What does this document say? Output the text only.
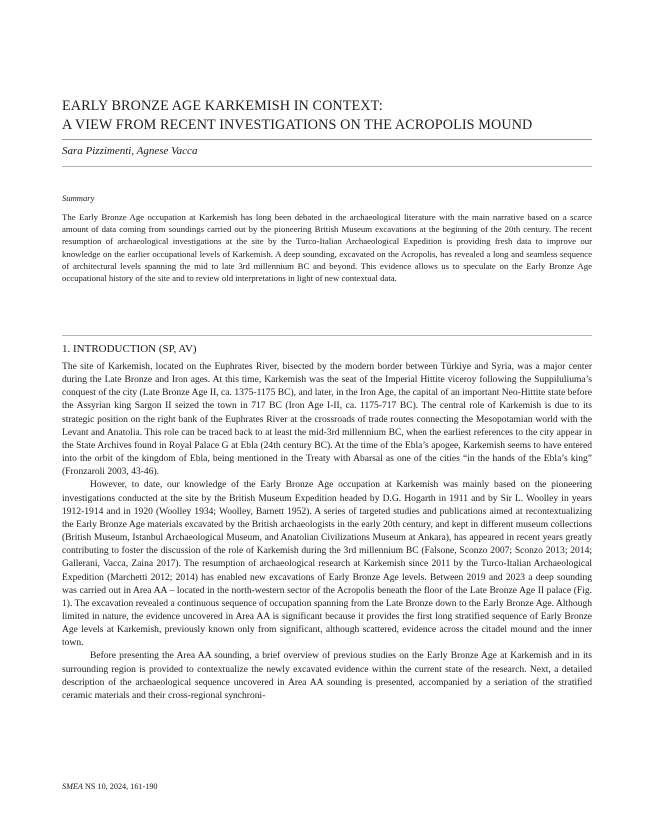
EARLY BRONZE AGE KARKEMISH IN CONTEXT:
A VIEW FROM RECENT INVESTIGATIONS ON THE ACROPOLIS MOUND
Sara Pizzimenti, Agnese Vacca
Summary

The Early Bronze Age occupation at Karkemish has long been debated in the archaeological literature with the main narrative based on a scarce amount of data coming from soundings carried out by the pioneering British Museum excavations at the beginning of the 20th century. The recent resumption of archaeological investigations at the site by the Turco-Italian Archaeological Expedition is providing fresh data to improve our knowledge on the earlier occupational levels of Karkemish. A deep sounding, excavated on the Acropolis, has revealed a long and seamless sequence of architectural levels spanning the mid to late 3rd millennium BC and beyond. This evidence allows us to speculate on the Early Bronze Age occupational history of the site and to review old interpretations in light of new contextual data.

1. INTRODUCTION (SP, AV)

The site of Karkemish, located on the Euphrates River, bisected by the modern border between Türkiye and Syria, was a major center during the Late Bronze and Iron ages. At this time, Karkemish was the seat of the Imperial Hittite viceroy following the Suppiluliuma’s conquest of the city (Late Bronze Age II, ca. 1375-1175 BC), and later, in the Iron Age, the capital of an important Neo-Hittite state before the Assyrian king Sargon II seized the town in 717 BC (Iron Age I-II, ca. 1175-717 BC). The central role of Karkemish is due to its strategic position on the right bank of the Euphrates River at the crossroads of trade routes connecting the Mesopotamian world with the Levant and Anatolia. This role can be traced back to at least the mid-3rd millennium BC, when the earliest references to the city appear in the State Archives found in Royal Palace G at Ebla (24th century BC). At the time of the Ebla’s apogee, Karkemish seems to have entered into the orbit of the kingdom of Ebla, being mentioned in the Treaty with Abarsal as one of the cities “in the hands of the Ebla’s king” (Fronzaroli 2003, 43-46).

However, to date, our knowledge of the Early Bronze Age occupation at Karkemish was mainly based on the pioneering investigations conducted at the site by the British Museum Expedition headed by D.G. Hogarth in 1911 and by Sir L. Woolley in years 1912-1914 and in 1920 (Woolley 1934; Woolley, Barnett 1952). A series of targeted studies and publications aimed at recontextualizing the Early Bronze Age materials excavated by the British archaeologists in the early 20th century, and kept in different museum collections (British Museum, Istanbul Archaeological Museum, and Anatolian Civilizations Museum at Ankara), has appeared in recent years greatly contributing to foster the discussion of the role of Karkemish during the 3rd millennium BC (Falsone, Sconzo 2007; Sconzo 2013; 2014; Gallerani, Vacca, Zaina 2017). The resumption of archaeological research at Karkemish since 2011 by the Turco-Italian Archaeological Expedition (Marchetti 2012; 2014) has enabled new excavations of Early Bronze Age levels. Between 2019 and 2023 a deep sounding was carried out in Area AA – located in the north-western sector of the Acropolis beneath the floor of the Late Bronze Age II palace (Fig. 1). The excavation revealed a continuous sequence of occupation spanning from the Late Bronze down to the Early Bronze Age. Although limited in nature, the evidence uncovered in Area AA is significant because it provides the first long stratified sequence of Early Bronze Age levels at Karkemish, previously known only from significant, although scattered, evidence across the citadel mound and the inner town.

Before presenting the Area AA sounding, a brief overview of previous studies on the Early Bronze Age at Karkemish and in its surrounding region is provided to contextualize the newly excavated evidence within the current state of the research. Next, a detailed description of the archaeological sequence uncovered in Area AA sounding is presented, accompanied by a seriation of the stratified ceramic materials and their cross-regional synchroni-

SMEA NS 10, 2024, 161-190
